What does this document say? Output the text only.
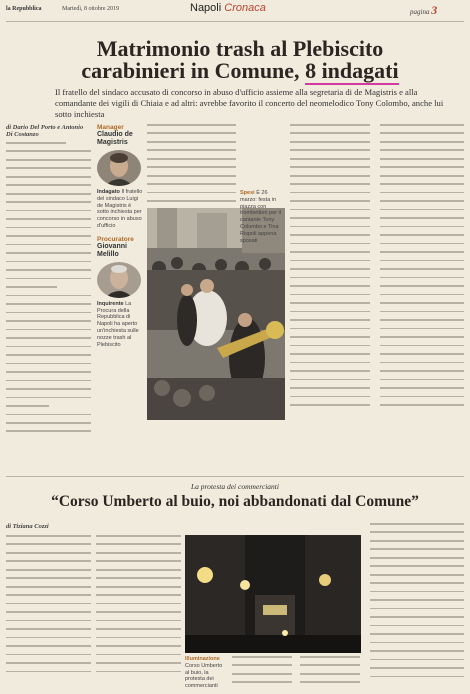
la Repubblica	Martedì, 8 ottobre 2019	Napoli Cronaca	pagina 3
Matrimonio trash al Plebiscito
carabinieri in Comune, 8 indagati
Il fratello del sindaco accusato di concorso in abuso d'ufficio assieme alla segretaria di de Magistris e alla comandante dei vigili di Chiaia e ad altri: avrebbe favorito il concerto del neomelodico Tony Colombo, anche lui sotto inchiesta
di Dario Del Porto e Antonio Di Costanzo
Manager
Claudio de Magistris
Indagato Il fratello del sindaco Luigi de Magistris è sotto inchiesta per concorso in abuso d'ufficio
Procuratore
Giovanni Melillo
Inquirente La Procura della Repubblica di Napoli ha aperto un'inchiesta sulle nozze trash al Plebiscito
Spesi È 26 marzo: festa in piazza con trombettieri per il cantante Tony Colombo e Tina Rispoli appena sposati
La protesta dei commercianti
“Corso Umberto al buio, noi abbandonati dal Comune”
di Tiziana Cozzi
Illuminazione Corso Umberto al buio, la protesta dei commercianti
